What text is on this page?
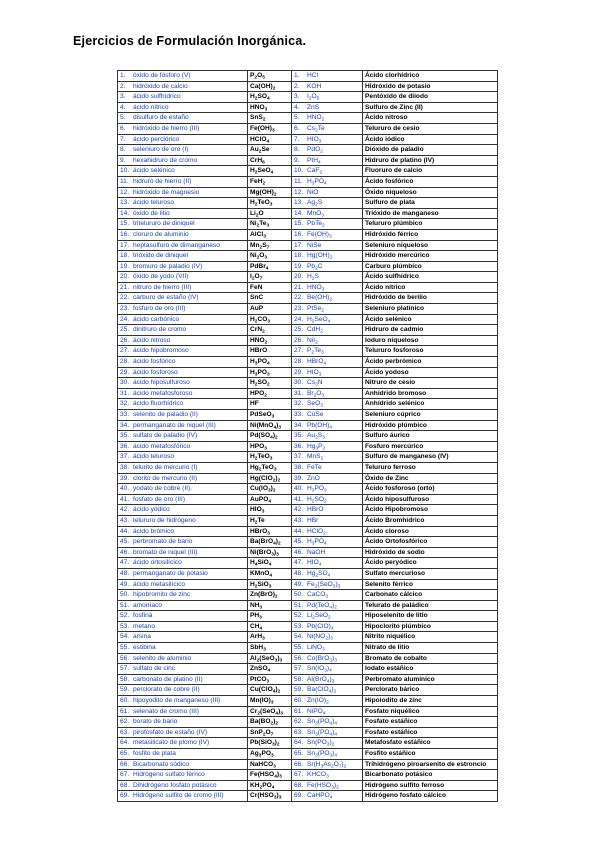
Ejercicios de Formulación Inorgánica.
1. óxido de fósforo (V)	$P_2O_5$	1. HCl	Ácido clorhídrico
2. hidróxido de calcio	$Ca(OH)_2$	2. KOH	Hidróxido de potasio
3. ácido sulfhídrico	$H_2SO_4$	3. $I_2O_5$	Pentóxido de diiodo
4. ácido nítrico	$HNO_3$	4. ZnS	Sulfuro de Zinc (II)
5. disulfuro de estaño	SnS$_2$	5. $HNO_2$	Ácido nitroso
6. hidróxido de hierro (III)	$Fe(OH)_3$	6. $Cs_2Te$	Telururo de cesio
7. ácido perclórico	HClO$_4$	7. $HIO_3$	Ácido iódico
8. seleniuro de oro (I)	$Au_2Se$	8. PdO$_2$	Dióxido de paladio
9. hexahidruro de cromo	CrH$_6$	9. PtH$_4$	Hidruro de platino (IV)
10. ácido selénico	$H_2SeO_4$	10. CaF$_2$	Fluoruro de calcio
11. hidruro de hierro (II)	FeH$_2$	11. $H_3PO_4$	Ácido fosfórico
12. hidróxido de magnesio	$Mg(OH)_2$	12. NiO	Óxido niqueloso
13. ácido teluroso	$H_2TeO_3$	13. $Ag_2S$	Sulfuro de plata
14. óxido de litio	$Li_2O$	14. MnO$_3$	Trióxido de manganeso
15. tritelururo de diniquel	$Ni_2Te_3$	15. PbTe$_2$	Telururo plúmbico
16. cloruro de aluminio	AlCl$_3$	16. $Fe(OH)_3$	Hidróxido férrico
17. heptasulfuro de dimanganeso	$Mn_2S_7$	17. NiSe	Seleniuro niqueloso
18. trióxido de diniquel	$Ni_2O_3$	18. $Hg(OH)_2$	Hidróxido mercúrico
19. bromuro de paladio (IV)	PdBr$_4$	19. $Pb_2C$	Carburo plúmbico
20. óxido de yodo (VII)	$I_2O_7$	20. $H_2S$	Ácido sulfhídrico
21. nitruro de hierro (III)	FeN	21. $HNO_3$	Ácido nítrico
22. carburo de estaño (IV)	SnC	22. $Be(OH)_2$	Hidróxido de berilio
23. fosfuro de oro (III)	AuP	23. PtSe$_2$	Seleniuro platínico
24. ácido carbónico	$H_2CO_3$	24. $H_2SeO_4$	Ácido selénico
25. dinitruro de cromo	CrN$_2$	25. CdH$_2$	Hidruro de cadmio
26. ácido nitroso	$HNO_2$	26. NiI$_2$	Ioduro niqueloso
27. ácido hipobromoso	HBrO	27. $P_2Te_3$	Telururo fosforoso
28. ácido fosfórico	$H_3PO_4$	28. HBrO$_4$	Ácido perbrómico
29. ácido fosforoso	$H_3PO_3$	29. $HIO_3$	Ácido yodoso
30. ácido hiposulfuroso	$H_2SO_2$	30. $Cs_3N$	Nitruro de cesio
31. ácido metafosforoso	$HPO_2$	31. $Br_2O_3$	Anhídrido bromoso
32. ácido fluorhídrico	HF	32. SeO$_3$	Anhídrido selénico
33. selenito de paladio (II)	PdSeO$_3$	33. CuSe	Seleniuro cúprico
34. permanganato de niquel (III)	$Ni(MnO_4)_3$	34. $Pb(OH)_4$	Hidróxido plúmbico
35. sulfato de paladio (IV)	$Pd(SO_4)_2$	35. $Au_2S_3$	Sulfuro áurico
36. ácido metafosfórico	$HPO_3$	36. $Hg_3P_2$	Fosfuro mercúrico
37. ácido teluroso	$H_2TeO_3$	37. MnS$_2$	Sulfuro de manganeso (IV)
38. telurito de mercurio (I)	$Hg_2TeO_3$	38. FeTe	Telururo ferroso
39. clorito de mercurio (II)	$Hg(ClO_2)_2$	39. ZnO	Óxido de Zinc
40. yodato de cobre (II).	$Cu(IO_3)_2$	40. $H_3PO_3$	Ácido fosforoso (orto)
41. fosfato de oro (III)	AuPO$_4$	41. $H_2SO_2$	Ácido hiposulfuroso
42. ácido yódico	$HIO_3$	42. HBrO	Ácido Hipobromoso
43. telururo de hidrógeno	$H_2Te$	43. HBr	Ácido Bromhídrico
44. ácido brómico	HBrO$_3$	44. HClO$_2$	Ácido cloroso
45. perbromato de bario	$Ba(BrO_4)_2$	45. $H_3PO_4$	Ácido Ortofosfórico
46. bromato de niquel (III)	$Ni(BrO_3)_3$	46. NaOH	Hidróxido de sodio
47. ácido ortosilícico	$H_4SiO_4$	47. $HIO_4$	Ácido peryódico
48. permanganato de potasio	KMnO$_4$	48. $Hg_2SO_4$	Sulfato mercurioso
49. ácido metasilícico	$H_2SiO_3$	49. $Fe_2(SeO_3)_3$	Selenito férrico
50. hipobromito de zinc	$Zn(BrO)_2$	50. CaCO$_3$	Carbonato cálcico
51. amoníaco	$NH_3$	51. $Pd(TeO_4)_2$	Telurato de paládico
52. fosfina	$PH_3$	52. $Li_2SeO_2$	Hiposelenito de litio
53. metano	$CH_4$	53. $Pb(ClO)_4$	Hipoclorito plúmbico
54. arsina	ArH$_3$	54. $Ni(NO_2)_3$	Nitrito niquélico
55. estibina	SbH$_3$	55. LiNO$_3$	Nitrato de litio
56. selenito de aluminio	$Al_2(SeO_3)_3$	56. $Co(BrO_3)_3$	Bromato de cobalto
57. sulfato de cinc	ZnSO$_4$	57. $Sn(IO_3)_4$	Iodato estáñico
58. carbonato de platino (II)	PtCO$_3$	58. $Al(BrO_4)_3$	Perbromato alumínico
59. perclorato de cobre (II)	$Cu(ClO_4)_2$	59. $Ba(ClO_4)_2$	Perclorato bárico
60. hipoyodito de manganeso (III)	$Mn(IO)_3$	60. $Zn(IO)_2$	Hipoiodito de zinc
61. selenato de cromo (III)	$Cr_2(SeO_4)_3$	61. NiPO$_4$	Fosfato niquélico
62. borato de bario	$Ba(BO_2)_2$	62. $Sn_3(PO_4)_4$	Fosfato estáñico
63. pirofosfato de estaño (IV)	$SnP_2O_7$	63. $Sn_3(PO_4)_4$	Fosfato estáñico
64. metasilicato de plomo (IV)	$Pb(SiO_3)_2$	64. $Sn(PO_3)_2$	Metafosfato estáñico
65. fosfito de plata	$Ag_3PO_3$	65. $Sn_3(PO_3)_4$	Fosfito estáñico
66. Bicarbonato sódico	NaHCO$_3$	66. $Sr(H_3As_2O_7)_2$	Trihidrógeno piroarsenito de estroncio
67. Hidrógeno sulfato férrico	$Fe(HSO_4)_3$	67. $KHCO_3$	Bicarbonato potásico
68. Dihidrógeno fosfato potásico	$KH_2PO_4$	68. $Fe(HSO_3)_2$	Hidrógeno sulfito ferroso
69. Hidrógeno sulfito de cromo (III)	$Cr(HSO_3)_3$	69. CaHPO$_4$	Hidrógeno fosfato cálcico
